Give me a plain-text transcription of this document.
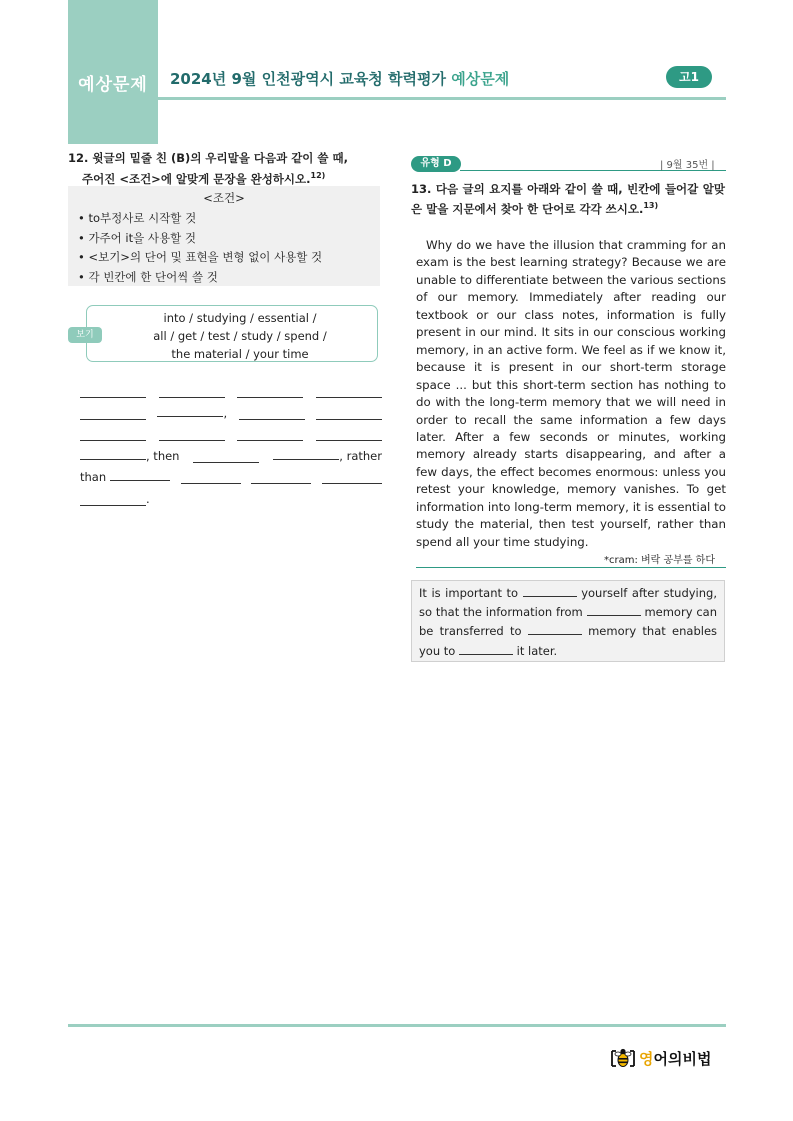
예상문제	2024년 9월 인천광역시 교육청 학력평가 예상문제	고1
12. 윗글의 밑줄 친 (B)의 우리말을 다음과 같이 쓸 때,
주어진 <조건>에 알맞게 문장을 완성하시오.$^{12)}$
<조건>
• to부정사로 시작할 것
• 가주어 it을 사용할 것
• <보기>의 단어 및 표현을 변형 없이 사용할 것
• 각 빈칸에 한 단어씩 쓸 것
보기
into / studying / essential /
all / get / test / study / spend /
the material / your time
,
, then	, rather
than
.
유형 D	| 9월 35번 |
13. 다음 글의 요지를 아래와 같이 쓸 때, 빈칸에 들어갈 알맞은 말을 지문에서 찾아 한 단어로 각각 쓰시오.$^{13)}$
Why do we have the illusion that cramming for an exam is the best learning strategy? Because we are unable to differentiate between the various sections of our memory. Immediately after reading our textbook or our class notes, information is fully present in our mind. It sits in our conscious working memory, in an active form. We feel as if we know it, because it is present in our short-term storage space ... but this short-term section has nothing to do with the long-term memory that we will need in order to recall the same information a few days later. After a few seconds or minutes, working memory already starts disappearing, and after a few days, the effect becomes enormous: unless you retest your knowledge, memory vanishes. To get information into long-term memory, it is essential to study the material, then test yourself, rather than spend all your time studying.
*cram: 벼락 공부를 하다
It is important to	yourself after studying, so that the information from	memory can be transferred to	memory that enables you to	it later.
영어의비법
